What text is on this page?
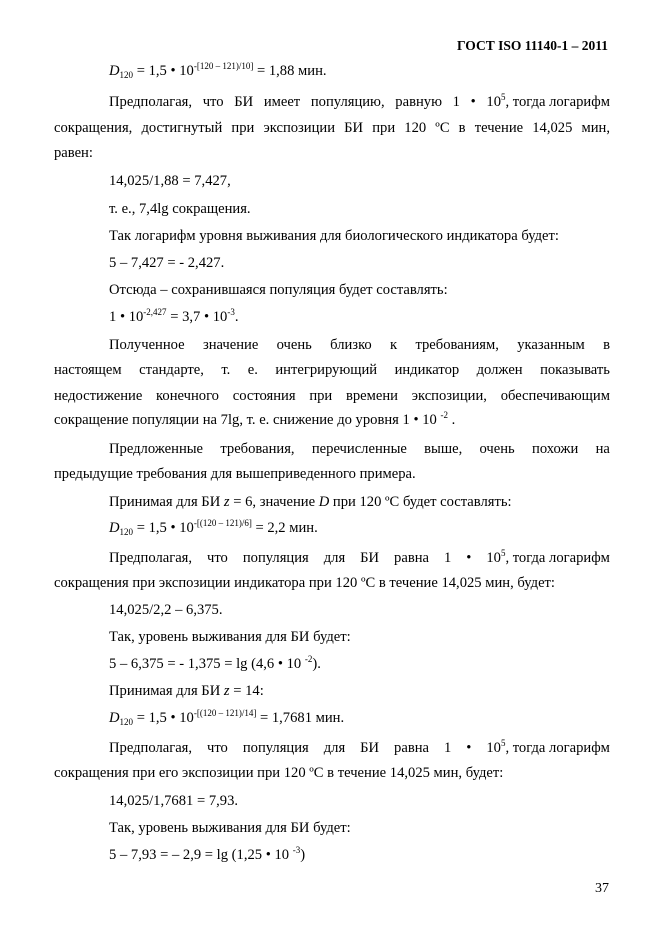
ГОСТ ISO 11140-1 – 2011
$D_{120} = 1,5$ • $10^{-[120 - 121)/10]} = 1,88$ мин.
Предполагая, что БИ имеет популяцию, равную 1 • $10^5$, тогда логарифм
сокращения, достигнутый при экспозиции БИ при 120 ºС в течение 14,025 мин,
равен:
14,025/1,88 = 7,427,
т. е., 7,4lg сокращения.
Так логарифм уровня выживания для биологического индикатора будет:
5 – 7,427 = - 2,427.
Отсюда – сохранившаяся популяция будет составлять:
1 • $10^{-2,427} = 3,7$ • $10^{-3}$.
Полученное значение очень близко к требованиям, указанным в
настоящем стандарте, т. е. интегрирующий индикатор должен показывать
недостижение конечного состояния при времени экспозиции, обеспечивающим
сокращение популяции на 7lg, т. е. снижение до уровня 1 • 10 $^{-2}$ .
Предложенные требования, перечисленные выше, очень похожи на
предыдущие требования для вышеприведенного примера.
Принимая для БИ z = 6, значение D при 120 ºС будет составлять:
$D_{120} = 1,5$ • $10^{-[(120 - 121)/6]} = 2,2$ мин.
Предполагая, что популяция для БИ равна 1 • $10^5$, тогда логарифм
сокращения при экспозиции индикатора при 120 ºС в течение 14,025 мин, будет:
14,025/2,2 – 6,375.
Так, уровень выживания для БИ будет:
5 – 6,375 = - 1,375 = lg (4,6 • 10 $^{-2}$).
Принимая для БИ z = 14:
$D_{120} = 1,5$ • $10^{-[(120 - 121)/14]} = 1,7681$ мин.
Предполагая, что популяция для БИ равна 1 • $10^5$, тогда логарифм
сокращения при его экспозиции при 120 ºС в течение 14,025 мин, будет:
14,025/1,7681 = 7,93.
Так, уровень выживания для БИ будет:
5 – 7,93 = – 2,9 = lg (1,25 • 10 $^{-3}$)
37
